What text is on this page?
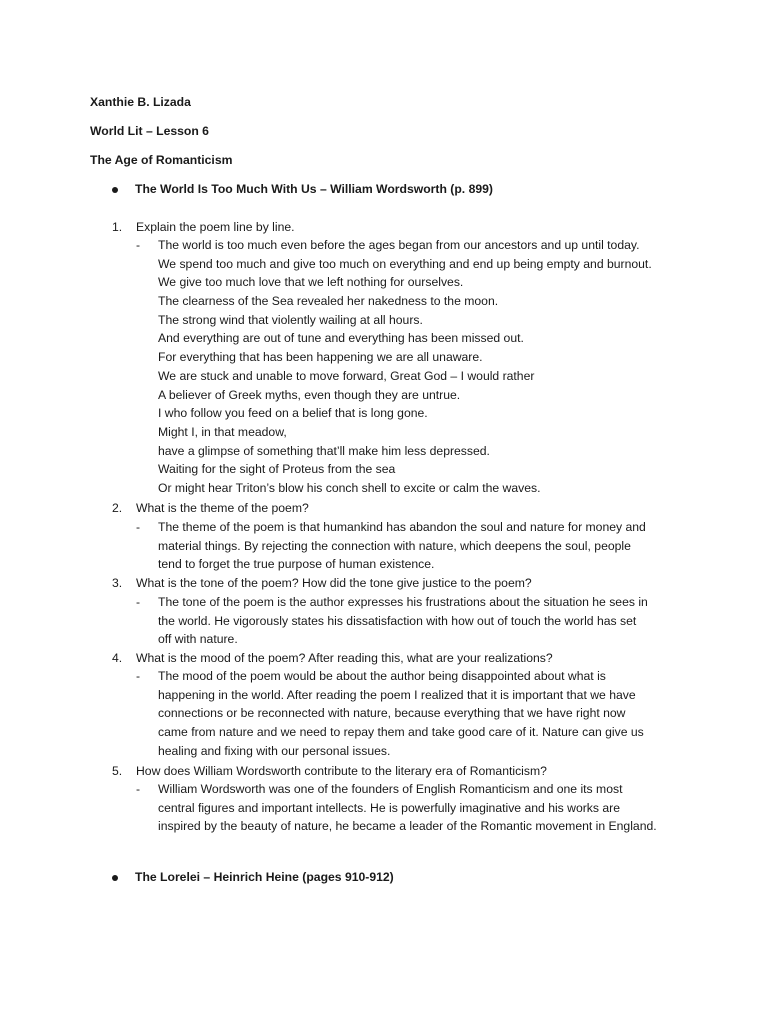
Xanthie B. Lizada
World Lit – Lesson 6
The Age of Romanticism
The World Is Too Much With Us – William Wordsworth (p. 899)
1. Explain the poem line by line.
- The world is too much even before the ages began from our ancestors and up until today.
We spend too much and give too much on everything and end up being empty and burnout.
We give too much love that we left nothing for ourselves.
The clearness of the Sea revealed her nakedness to the moon.
The strong wind that violently wailing at all hours.
And everything are out of tune and everything has been missed out.
For everything that has been happening we are all unaware.
We are stuck and unable to move forward, Great God – I would rather
A believer of Greek myths, even though they are untrue.
I who follow you feed on a belief that is long gone.
Might I, in that meadow,
have a glimpse of something that’ll make him less depressed.
Waiting for the sight of Proteus from the sea
Or might hear Triton’s blow his conch shell to excite or calm the waves.
2. What is the theme of the poem?
- The theme of the poem is that humankind has abandon the soul and nature for money and
material things. By rejecting the connection with nature, which deepens the soul, people
tend to forget the true purpose of human existence.
3. What is the tone of the poem? How did the tone give justice to the poem?
- The tone of the poem is the author expresses his frustrations about the situation he sees in
the world. He vigorously states his dissatisfaction with how out of touch the world has set
off with nature.
4. What is the mood of the poem? After reading this, what are your realizations?
- The mood of the poem would be about the author being disappointed about what is
happening in the world. After reading the poem I realized that it is important that we have
connections or be reconnected with nature, because everything that we have right now
came from nature and we need to repay them and take good care of it. Nature can give us
healing and fixing with our personal issues.
5. How does William Wordsworth contribute to the literary era of Romanticism?
- William Wordsworth was one of the founders of English Romanticism and one its most
central figures and important intellects. He is powerfully imaginative and his works are
inspired by the beauty of nature, he became a leader of the Romantic movement in England.
The Lorelei – Heinrich Heine (pages 910-912)
